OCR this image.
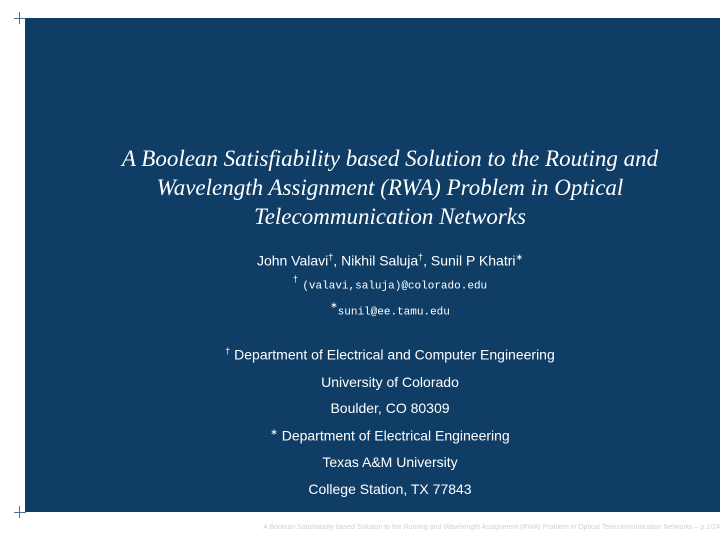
A Boolean Satisfiability based Solution to the Routing and
Wavelength Assignment (RWA) Problem in Optical
Telecommunication Networks
John Valavi†, Nikhil Saluja†, Sunil P Khatri∗
† (valavi,saluja)@colorado.edu
∗sunil@ee.tamu.edu
† Department of Electrical and Computer Engineering
University of Colorado
Boulder, CO 80309
∗ Department of Electrical Engineering
Texas A&M University
College Station, TX 77843
A Boolean Satisfiability based Solution to the Routing and Wavelength Assignment (RWA) Problem in Optical Telecommunication Networks – p.1/24
